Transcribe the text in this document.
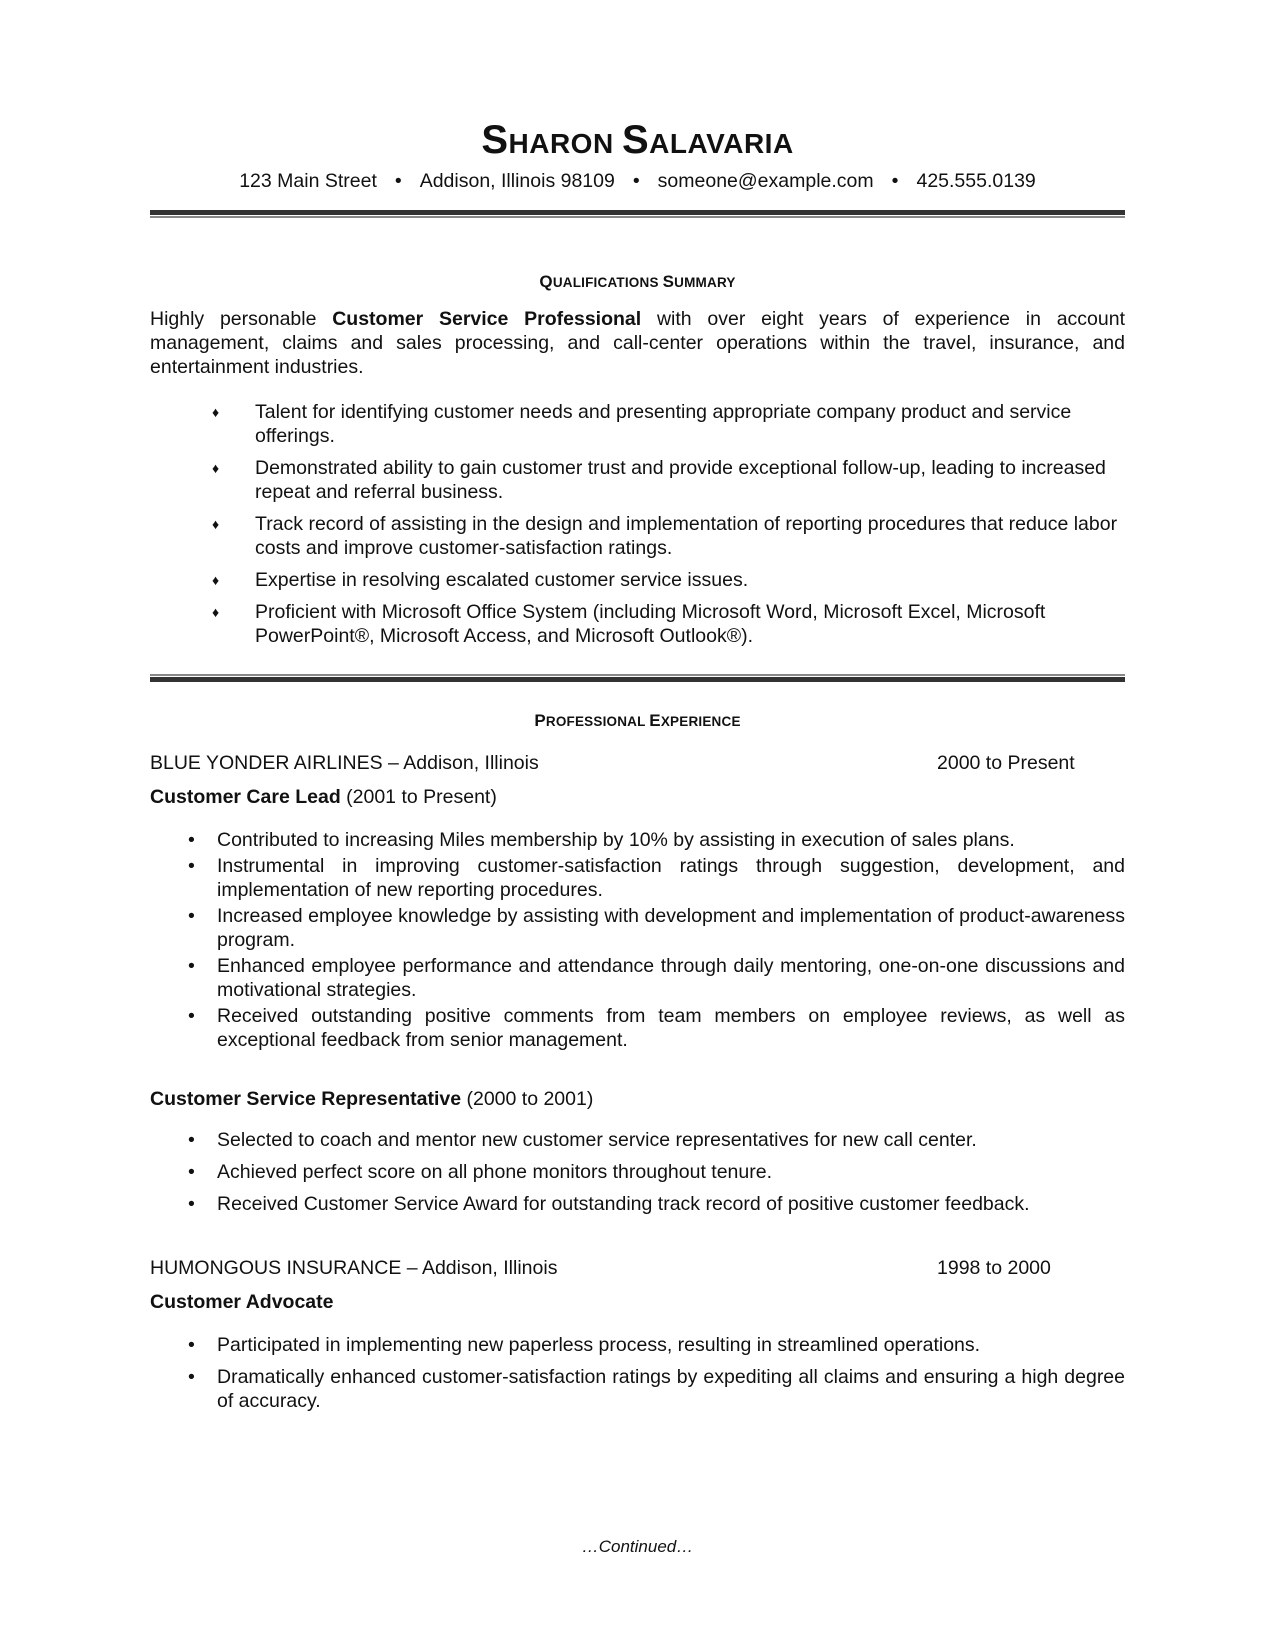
SHARON SALAVARIA
123 Main Street • Addison, Illinois 98109 • someone@example.com • 425.555.0139
QUALIFICATIONS SUMMARY
Highly personable Customer Service Professional with over eight years of experience in account management, claims and sales processing, and call-center operations within the travel, insurance, and entertainment industries.
♦ Talent for identifying customer needs and presenting appropriate company product and service offerings.
♦ Demonstrated ability to gain customer trust and provide exceptional follow-up, leading to increased repeat and referral business.
♦ Track record of assisting in the design and implementation of reporting procedures that reduce labor costs and improve customer-satisfaction ratings.
♦ Expertise in resolving escalated customer service issues.
♦ Proficient with Microsoft Office System (including Microsoft Word, Microsoft Excel, Microsoft PowerPoint®, Microsoft Access, and Microsoft Outlook®).
PROFESSIONAL EXPERIENCE
BLUE YONDER AIRLINES – Addison, Illinois	2000 to Present
Customer Care Lead (2001 to Present)
• Contributed to increasing Miles membership by 10% by assisting in execution of sales plans.
• Instrumental in improving customer-satisfaction ratings through suggestion, development, and implementation of new reporting procedures.
• Increased employee knowledge by assisting with development and implementation of product-awareness program.
• Enhanced employee performance and attendance through daily mentoring, one-on-one discussions and motivational strategies.
• Received outstanding positive comments from team members on employee reviews, as well as exceptional feedback from senior management.
Customer Service Representative (2000 to 2001)
• Selected to coach and mentor new customer service representatives for new call center.
• Achieved perfect score on all phone monitors throughout tenure.
• Received Customer Service Award for outstanding track record of positive customer feedback.
HUMONGOUS INSURANCE – Addison, Illinois	1998 to 2000
Customer Advocate
• Participated in implementing new paperless process, resulting in streamlined operations.
• Dramatically enhanced customer-satisfaction ratings by expediting all claims and ensuring a high degree of accuracy.
…Continued…
